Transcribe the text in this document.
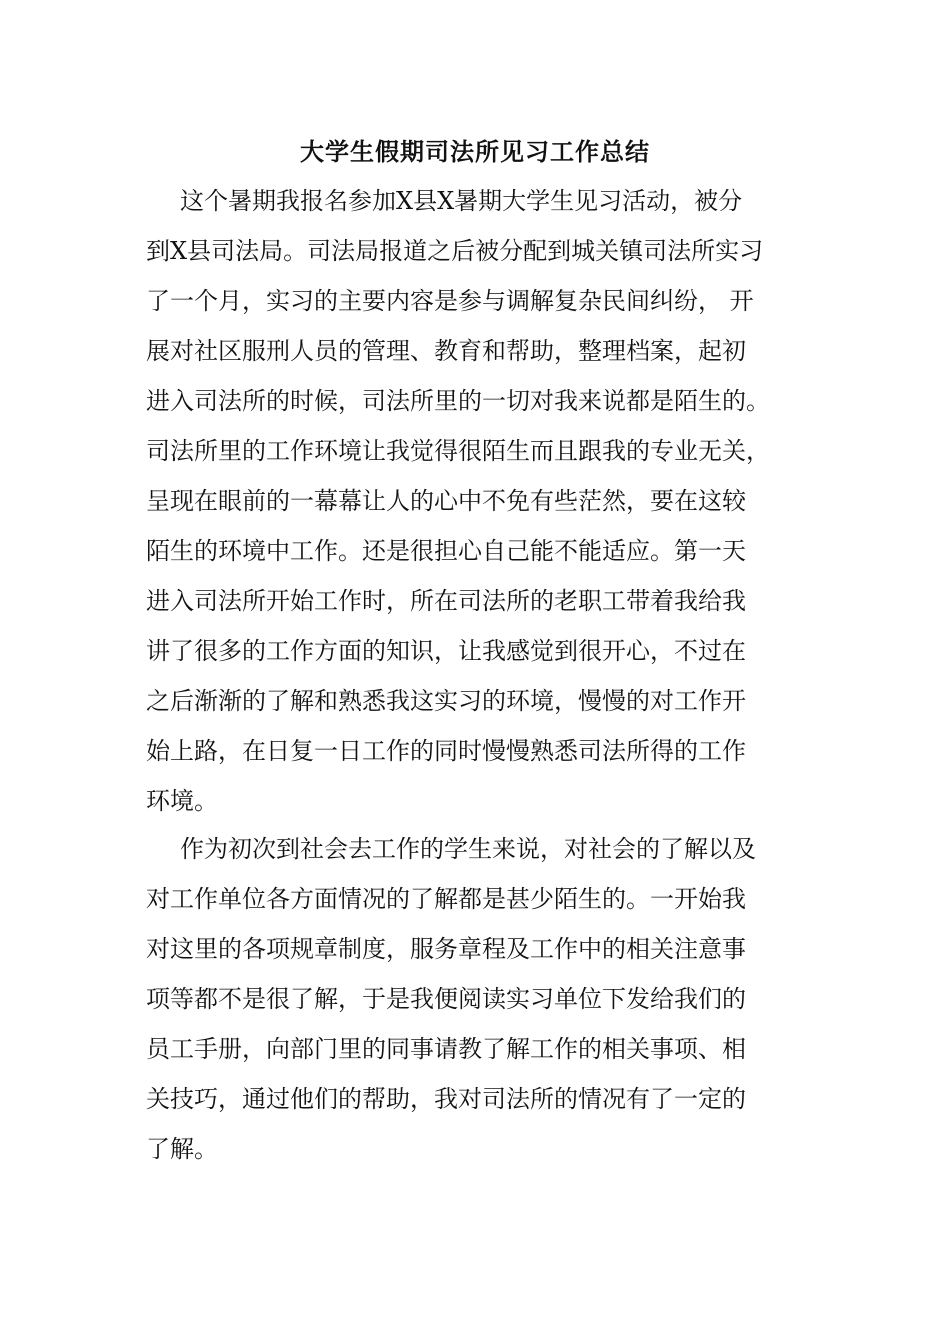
大学生假期司法所见习工作总结
这个暑期我报名参加X县X暑期大学生见习活动，被分
到X县司法局。司法局报道之后被分配到城关镇司法所实习
了一个月，实习的主要内容是参与调解复杂民间纠纷， 开
展对社区服刑人员的管理、教育和帮助，整理档案，起初
进入司法所的时候，司法所里的一切对我来说都是陌生的。
司法所里的工作环境让我觉得很陌生而且跟我的专业无关，
呈现在眼前的一幕幕让人的心中不免有些茫然，要在这较
陌生的环境中工作。还是很担心自己能不能适应。第一天
进入司法所开始工作时，所在司法所的老职工带着我给我
讲了很多的工作方面的知识，让我感觉到很开心，不过在
之后渐渐的了解和熟悉我这实习的环境，慢慢的对工作开
始上路，在日复一日工作的同时慢慢熟悉司法所得的工作
环境。
作为初次到社会去工作的学生来说，对社会的了解以及
对工作单位各方面情况的了解都是甚少陌生的。一开始我
对这里的各项规章制度，服务章程及工作中的相关注意事
项等都不是很了解，于是我便阅读实习单位下发给我们的
员工手册，向部门里的同事请教了解工作的相关事项、相
关技巧，通过他们的帮助，我对司法所的情况有了一定的
了解。
